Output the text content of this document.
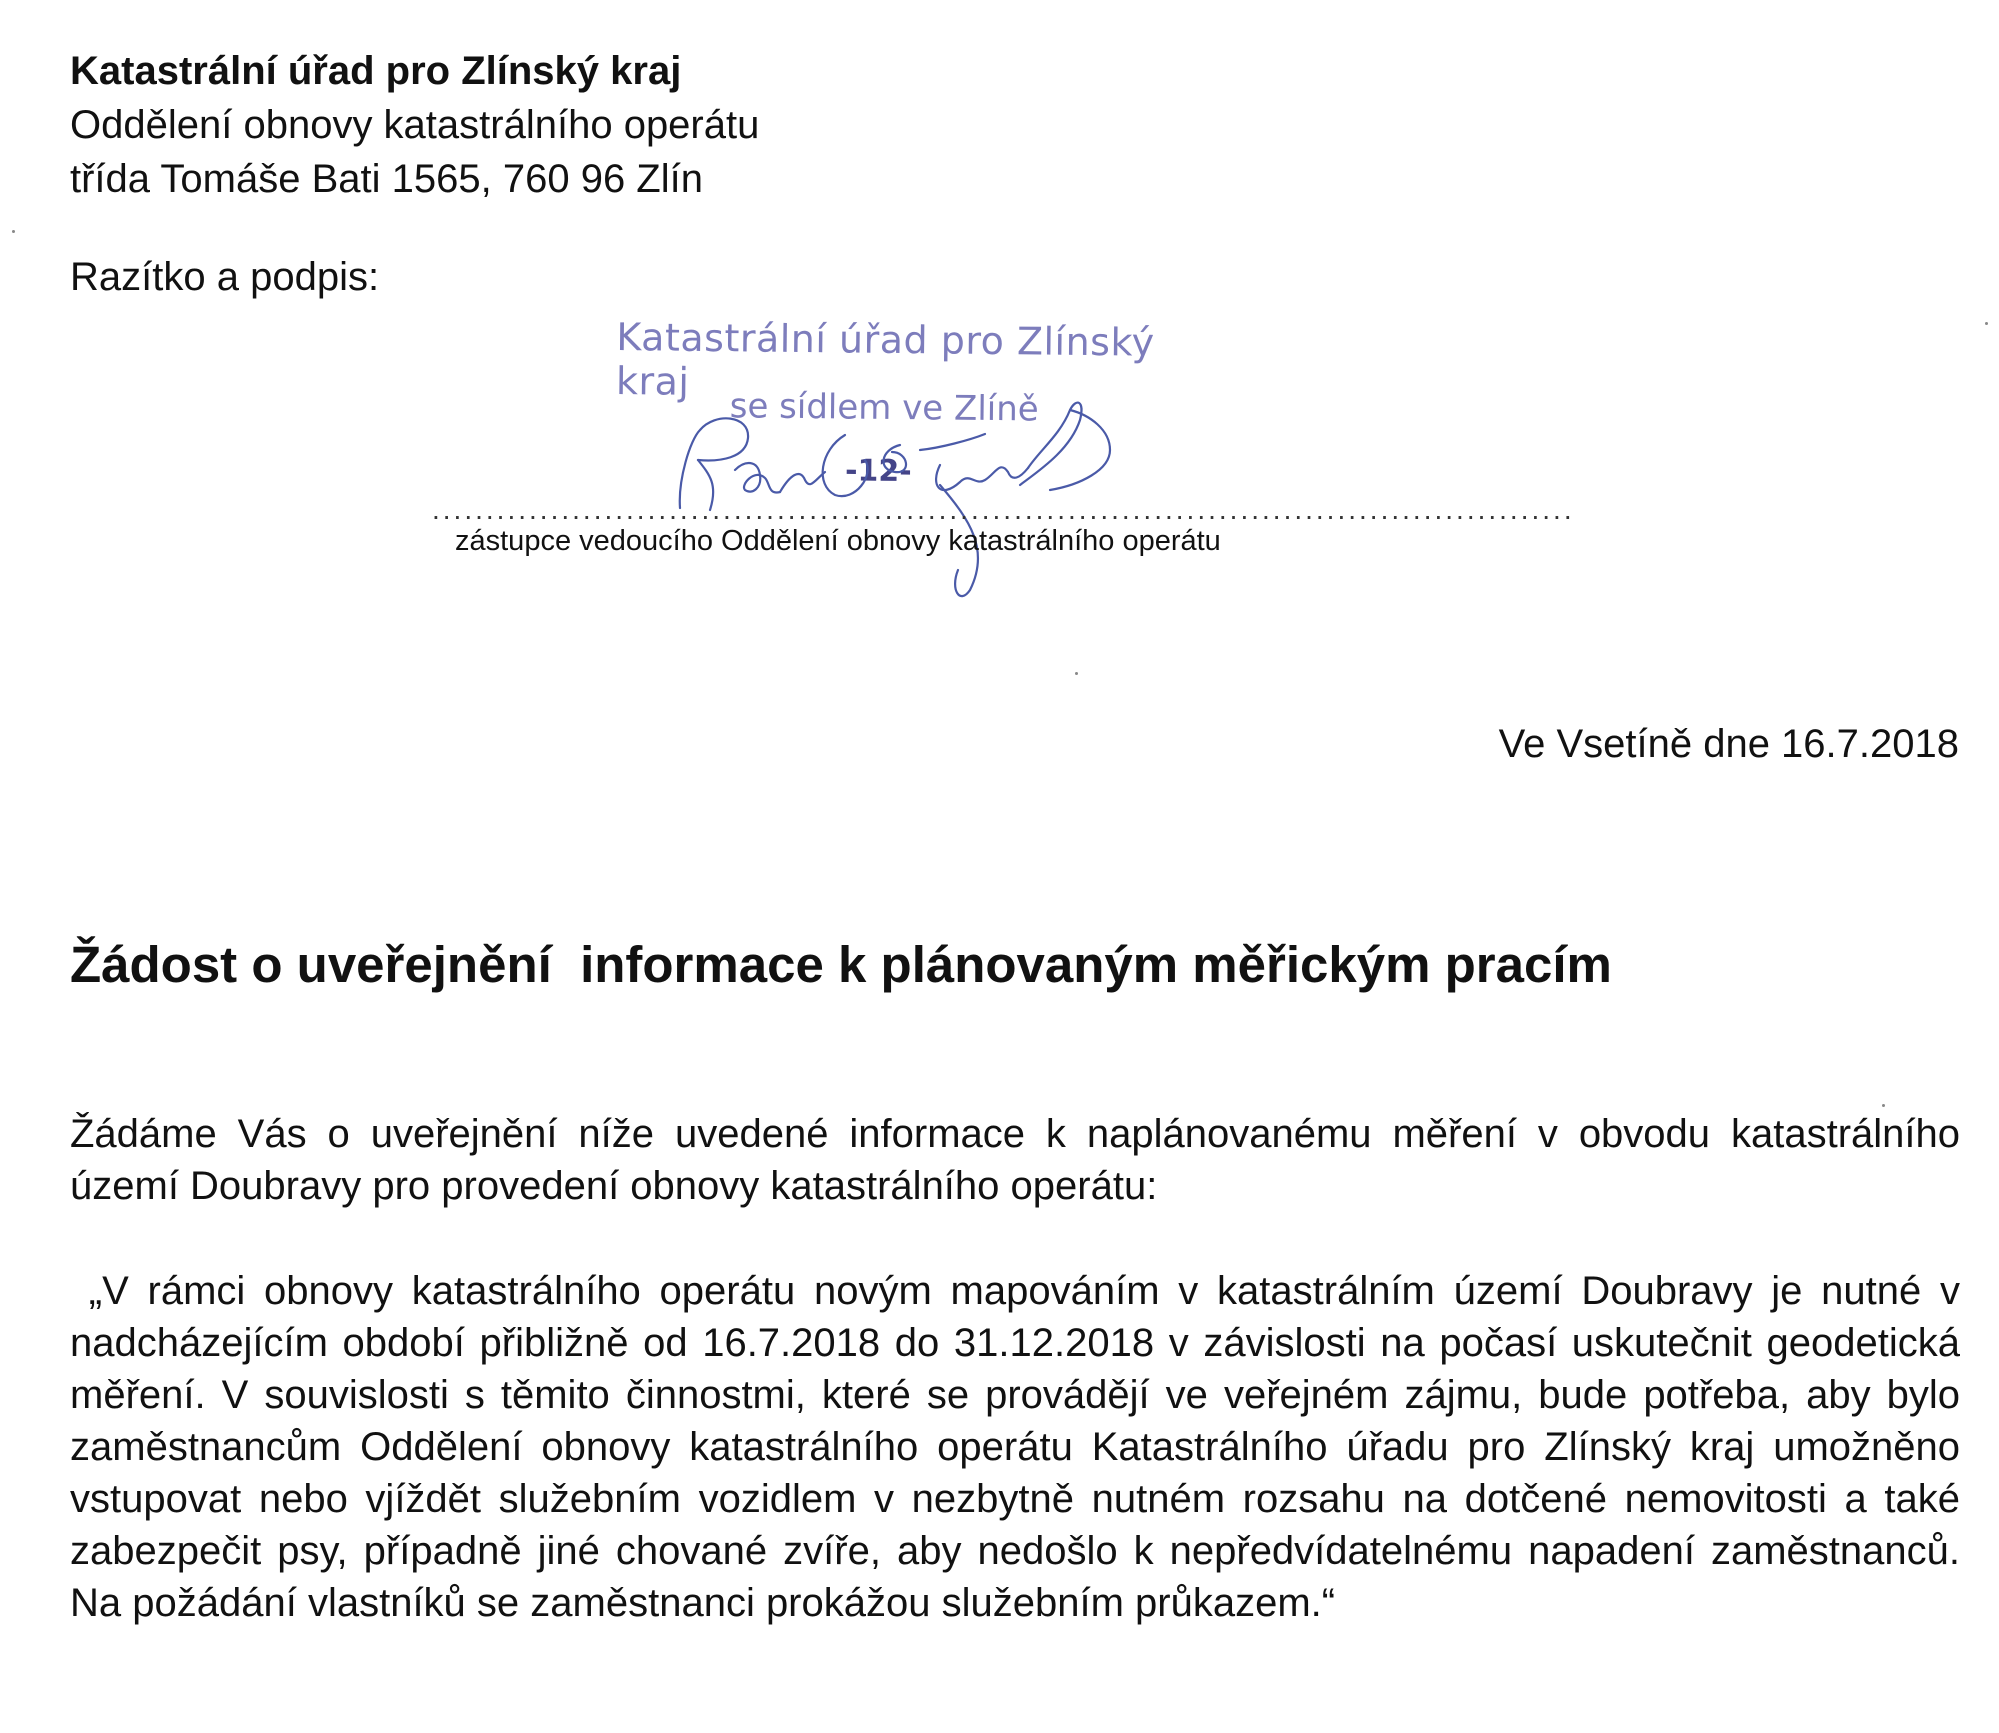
Katastrální úřad pro Zlínský kraj
Oddělení obnovy katastrálního operátu
třída Tomáše Bati 1565, 760 96 Zlín
Razítko a podpis:
Katastrální úřad pro Zlínský kraj
se sídlem ve Zlíně
-12-
..........................................................................................................
zástupce vedoucího Oddělení obnovy katastrálního operátu
Ve Vsetíně dne 16.7.2018
Žádost o uveřejnění  informace k plánovaným měřickým pracím
Žádáme Vás o uveřejnění níže uvedené informace k naplánovanému měření v obvodu katastrálního území Doubravy pro provedení obnovy katastrálního operátu:
„V rámci obnovy katastrálního operátu novým mapováním v katastrálním území Doubravy je nutné v nadcházejícím období přibližně od 16.7.2018 do 31.12.2018 v závislosti na počasí uskutečnit geodetická měření. V souvislosti s těmito činnostmi, které se provádějí ve veřejném zájmu, bude potřeba, aby bylo zaměstnancům Oddělení obnovy katastrálního operátu Katastrálního úřadu pro Zlínský kraj umožněno vstupovat nebo vjíždět služebním vozidlem v nezbytně nutném rozsahu na dotčené nemovitosti a také zabezpečit psy, případně jiné chované zvíře, aby nedošlo k nepředvídatelnému napadení zaměstnanců. Na požádání vlastníků se zaměstnanci prokážou služebním průkazem.“
